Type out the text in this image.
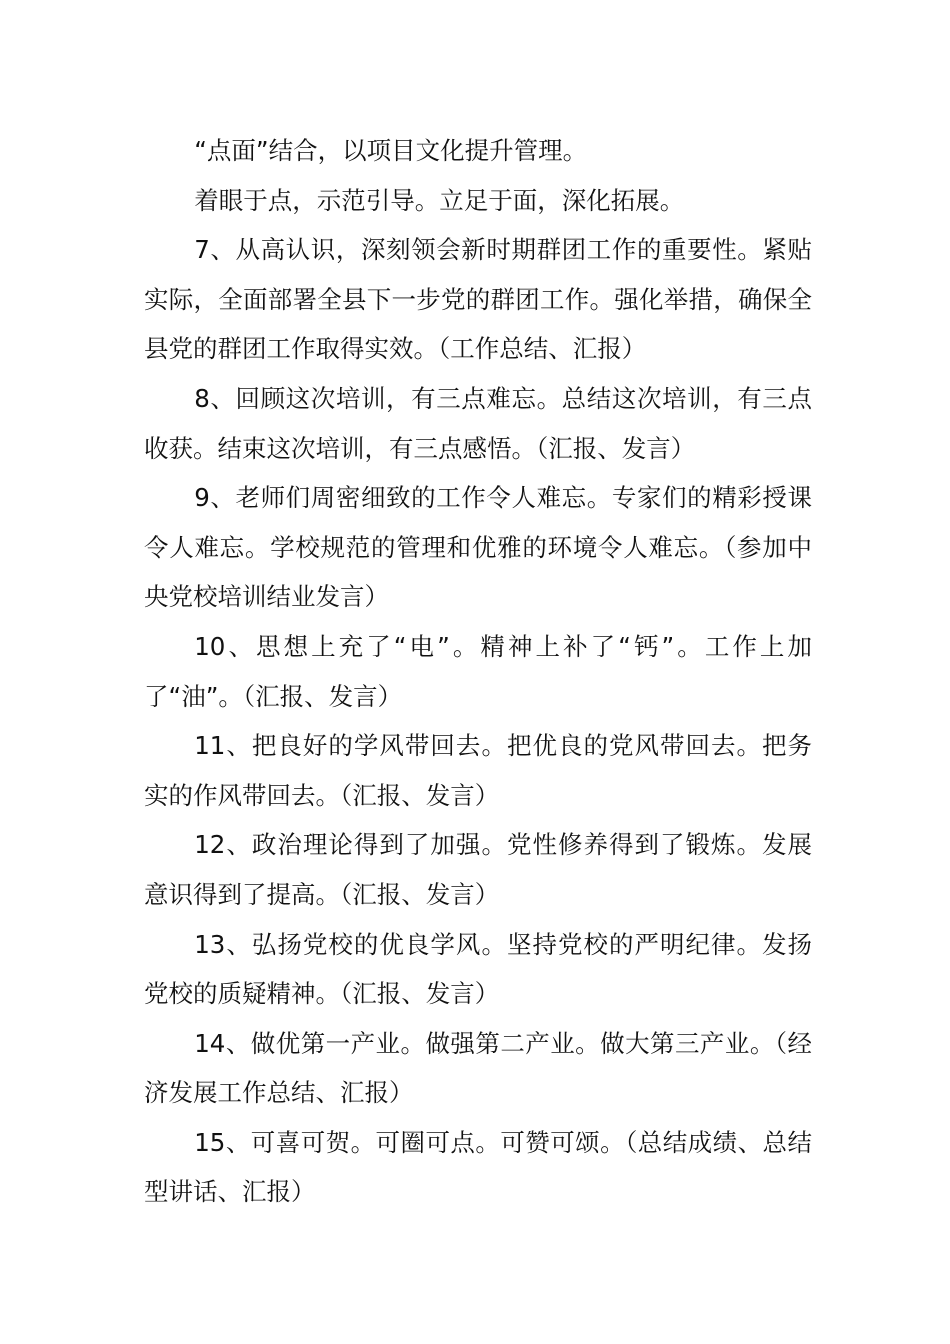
“点面”结合，以项目文化提升管理。

着眼于点，示范引导。立足于面，深化拓展。

7、从高认识，深刻领会新时期群团工作的重要性。紧贴实际，全面部署全县下一步党的群团工作。强化举措，确保全县党的群团工作取得实效。（工作总结、汇报）

8、回顾这次培训，有三点难忘。总结这次培训，有三点收获。结束这次培训，有三点感悟。（汇报、发言）

9、老师们周密细致的工作令人难忘。专家们的精彩授课令人难忘。学校规范的管理和优雅的环境令人难忘。（参加中央党校培训结业发言）

10、思想上充了“电”。精神上补了“钙”。工作上加了“油”。（汇报、发言）

11、把良好的学风带回去。把优良的党风带回去。把务实的作风带回去。（汇报、发言）

12、政治理论得到了加强。党性修养得到了锻炼。发展意识得到了提高。（汇报、发言）

13、弘扬党校的优良学风。坚持党校的严明纪律。发扬党校的质疑精神。（汇报、发言）

14、做优第一产业。做强第二产业。做大第三产业。（经济发展工作总结、汇报）

15、可喜可贺。可圈可点。可赞可颂。（总结成绩、总结型讲话、汇报）
